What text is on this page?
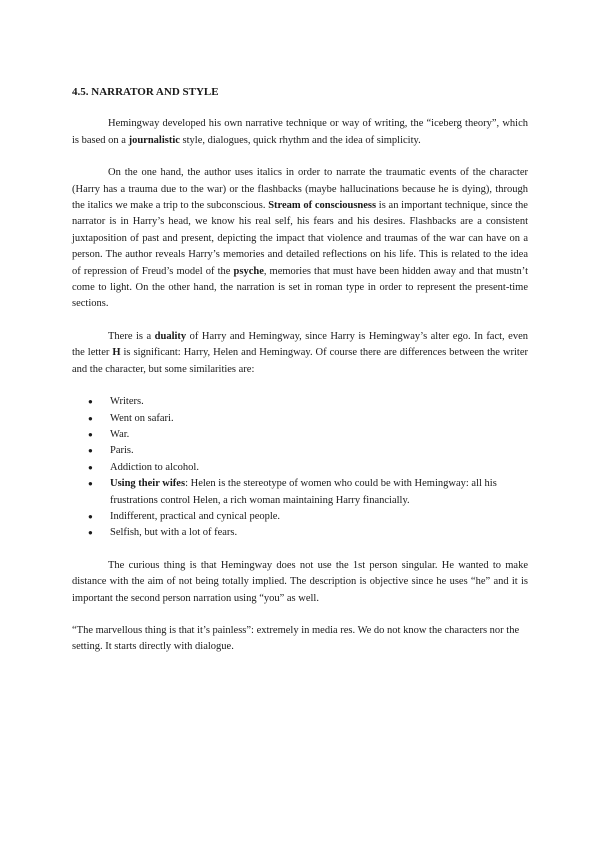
4.5. NARRATOR AND STYLE

Hemingway developed his own narrative technique or way of writing, the “iceberg theory”, which is based on a journalistic style, dialogues, quick rhythm and the idea of simplicity.

On the one hand, the author uses italics in order to narrate the traumatic events of the character (Harry has a trauma due to the war) or the flashbacks (maybe hallucinations because he is dying), through the italics we make a trip to the subconscious. Stream of consciousness is an important technique, since the narrator is in Harry’s head, we know his real self, his fears and his desires. Flashbacks are a consistent juxtaposition of past and present, depicting the impact that violence and traumas of the war can have on a person. The author reveals Harry’s memories and detailed reflections on his life. This is related to the idea of repression of Freud’s model of the psyche, memories that must have been hidden away and that mustn’t come to light. On the other hand, the narration is set in roman type in order to represent the present-time sections.

There is a duality of Harry and Hemingway, since Harry is Hemingway’s alter ego. In fact, even the letter H is significant: Harry, Helen and Hemingway. Of course there are differences between the writer and the character, but some similarities are:

● Writers.
● Went on safari.
● War.
● Paris.
● Addiction to alcohol.
● Using their wifes: Helen is the stereotype of women who could be with Hemingway: all his frustrations control Helen, a rich woman maintaining Harry financially.
● Indifferent, practical and cynical people.
● Selfish, but with a lot of fears.

The curious thing is that Hemingway does not use the 1st person singular. He wanted to make distance with the aim of not being totally implied. The description is objective since he uses “he” and it is important the second person narration using “you” as well.

“The marvellous thing is that it’s painless”: extremely in media res. We do not know the characters nor the setting. It starts directly with dialogue.
